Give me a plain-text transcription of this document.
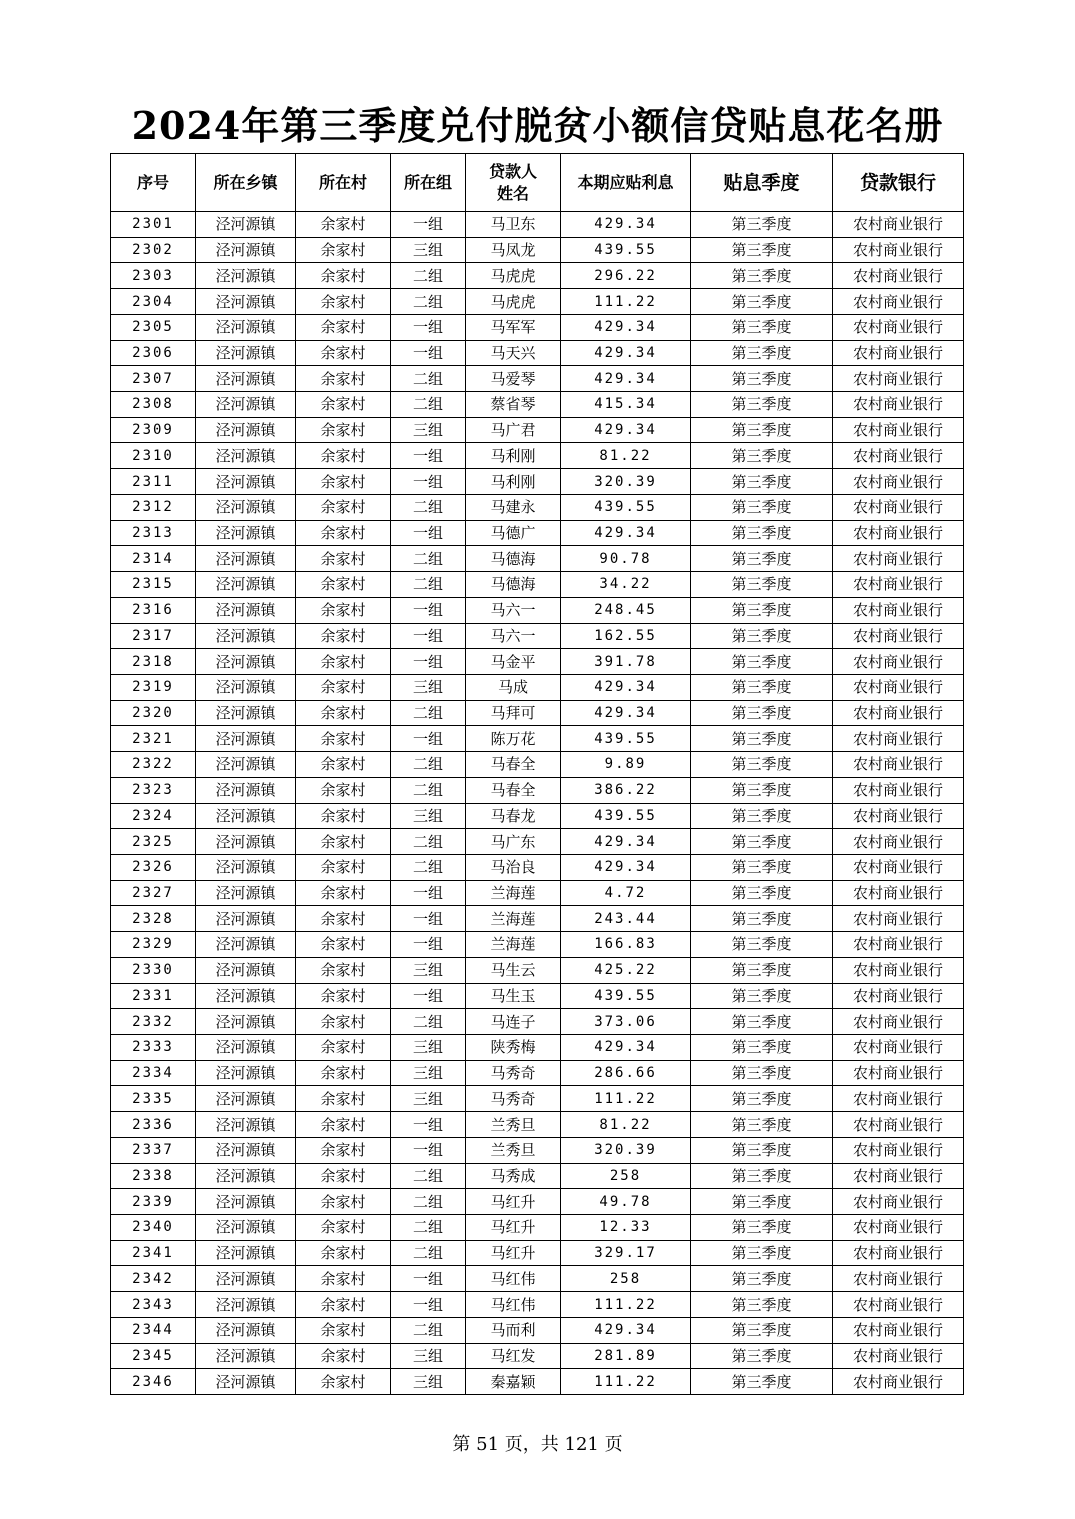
2024年第三季度兑付脱贫小额信贷贴息花名册
序号	所在乡镇	所在村	所在组	贷款人姓名	本期应贴利息	贴息季度	贷款银行
2301	泾河源镇	余家村	一组	马卫东	429.34	第三季度	农村商业银行
2302	泾河源镇	余家村	三组	马凤龙	439.55	第三季度	农村商业银行
2303	泾河源镇	余家村	二组	马虎虎	296.22	第三季度	农村商业银行
2304	泾河源镇	余家村	二组	马虎虎	111.22	第三季度	农村商业银行
2305	泾河源镇	余家村	一组	马军军	429.34	第三季度	农村商业银行
2306	泾河源镇	余家村	一组	马天兴	429.34	第三季度	农村商业银行
2307	泾河源镇	余家村	二组	马爱琴	429.34	第三季度	农村商业银行
2308	泾河源镇	余家村	二组	蔡省琴	415.34	第三季度	农村商业银行
2309	泾河源镇	余家村	三组	马广君	429.34	第三季度	农村商业银行
2310	泾河源镇	余家村	一组	马利刚	81.22	第三季度	农村商业银行
2311	泾河源镇	余家村	一组	马利刚	320.39	第三季度	农村商业银行
2312	泾河源镇	余家村	二组	马建永	439.55	第三季度	农村商业银行
2313	泾河源镇	余家村	一组	马德广	429.34	第三季度	农村商业银行
2314	泾河源镇	余家村	二组	马德海	90.78	第三季度	农村商业银行
2315	泾河源镇	余家村	二组	马德海	34.22	第三季度	农村商业银行
2316	泾河源镇	余家村	一组	马六一	248.45	第三季度	农村商业银行
2317	泾河源镇	余家村	一组	马六一	162.55	第三季度	农村商业银行
2318	泾河源镇	余家村	一组	马金平	391.78	第三季度	农村商业银行
2319	泾河源镇	余家村	三组	马成	429.34	第三季度	农村商业银行
2320	泾河源镇	余家村	二组	马拜可	429.34	第三季度	农村商业银行
2321	泾河源镇	余家村	一组	陈万花	439.55	第三季度	农村商业银行
2322	泾河源镇	余家村	二组	马春全	9.89	第三季度	农村商业银行
2323	泾河源镇	余家村	二组	马春全	386.22	第三季度	农村商业银行
2324	泾河源镇	余家村	三组	马春龙	439.55	第三季度	农村商业银行
2325	泾河源镇	余家村	二组	马广东	429.34	第三季度	农村商业银行
2326	泾河源镇	余家村	二组	马治良	429.34	第三季度	农村商业银行
2327	泾河源镇	余家村	一组	兰海莲	4.72	第三季度	农村商业银行
2328	泾河源镇	余家村	一组	兰海莲	243.44	第三季度	农村商业银行
2329	泾河源镇	余家村	一组	兰海莲	166.83	第三季度	农村商业银行
2330	泾河源镇	余家村	三组	马生云	425.22	第三季度	农村商业银行
2331	泾河源镇	余家村	一组	马生玉	439.55	第三季度	农村商业银行
2332	泾河源镇	余家村	二组	马连子	373.06	第三季度	农村商业银行
2333	泾河源镇	余家村	三组	陕秀梅	429.34	第三季度	农村商业银行
2334	泾河源镇	余家村	三组	马秀奇	286.66	第三季度	农村商业银行
2335	泾河源镇	余家村	三组	马秀奇	111.22	第三季度	农村商业银行
2336	泾河源镇	余家村	一组	兰秀旦	81.22	第三季度	农村商业银行
2337	泾河源镇	余家村	一组	兰秀旦	320.39	第三季度	农村商业银行
2338	泾河源镇	余家村	二组	马秀成	258	第三季度	农村商业银行
2339	泾河源镇	余家村	二组	马红升	49.78	第三季度	农村商业银行
2340	泾河源镇	余家村	二组	马红升	12.33	第三季度	农村商业银行
2341	泾河源镇	余家村	二组	马红升	329.17	第三季度	农村商业银行
2342	泾河源镇	余家村	一组	马红伟	258	第三季度	农村商业银行
2343	泾河源镇	余家村	一组	马红伟	111.22	第三季度	农村商业银行
2344	泾河源镇	余家村	二组	马而利	429.34	第三季度	农村商业银行
2345	泾河源镇	余家村	三组	马红发	281.89	第三季度	农村商业银行
2346	泾河源镇	余家村	三组	秦嘉颖	111.22	第三季度	农村商业银行
第 51 页，共 121 页
